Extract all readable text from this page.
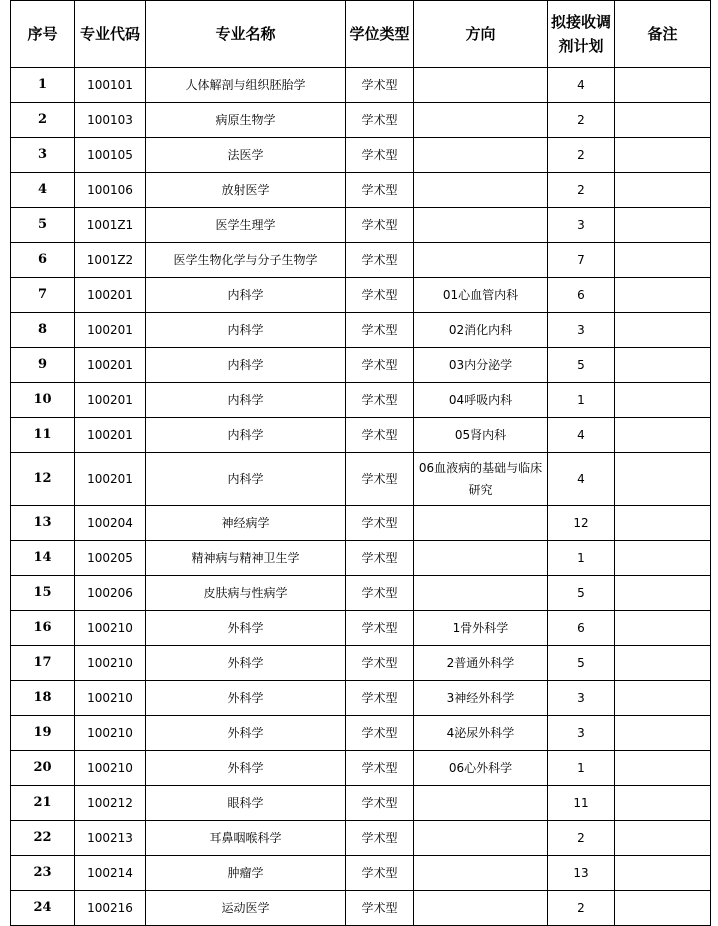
序号	专业代码	专业名称	学位类型	方向	拟接收调剂计划	备注
1	100101	人体解剖与组织胚胎学	学术型		4	
2	100103	病原生物学	学术型		2	
3	100105	法医学	学术型		2	
4	100106	放射医学	学术型		2	
5	1001Z1	医学生理学	学术型		3	
6	1001Z2	医学生物化学与分子生物学	学术型		7	
7	100201	内科学	学术型	01心血管内科	6	
8	100201	内科学	学术型	02消化内科	3	
9	100201	内科学	学术型	03内分泌学	5	
10	100201	内科学	学术型	04呼吸内科	1	
11	100201	内科学	学术型	05肾内科	4	
12	100201	内科学	学术型	06血液病的基础与临床研究	4	
13	100204	神经病学	学术型		12	
14	100205	精神病与精神卫生学	学术型		1	
15	100206	皮肤病与性病学	学术型		5	
16	100210	外科学	学术型	1骨外科学	6	
17	100210	外科学	学术型	2普通外科学	5	
18	100210	外科学	学术型	3神经外科学	3	
19	100210	外科学	学术型	4泌尿外科学	3	
20	100210	外科学	学术型	06心外科学	1	
21	100212	眼科学	学术型		11	
22	100213	耳鼻咽喉科学	学术型		2	
23	100214	肿瘤学	学术型		13	
24	100216	运动医学	学术型		2	
